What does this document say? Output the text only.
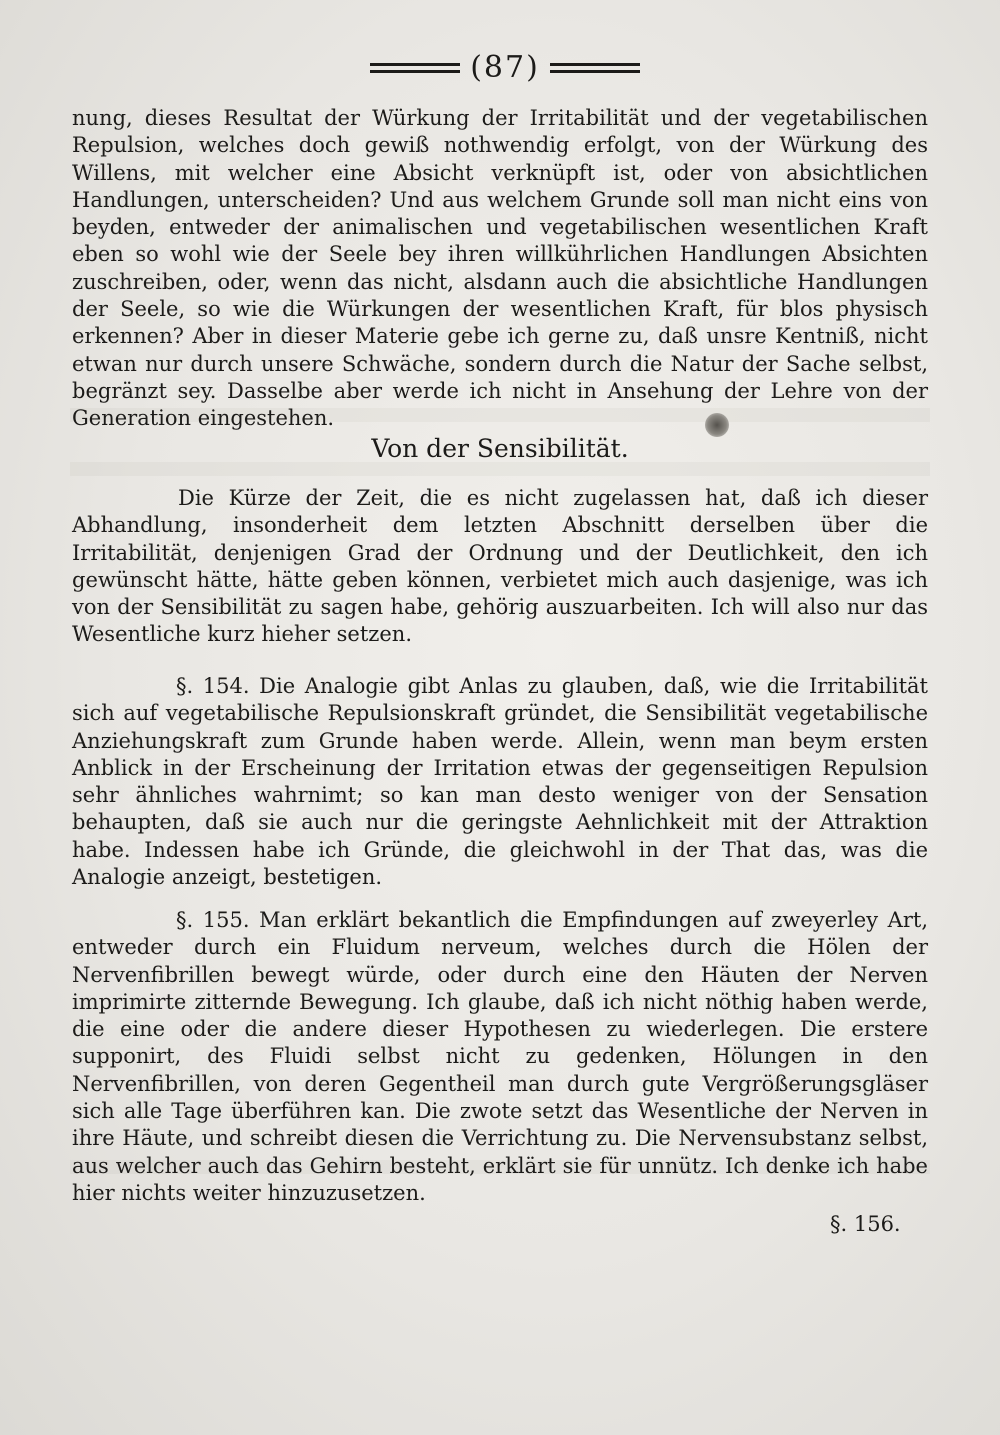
(87)

nung, dieses Resultat der Würkung der Irritabilität und der vegetabilischen Repulsion, welches doch gewiß nothwendig erfolgt, von der Würkung des Willens, mit welcher eine Absicht verknüpft ist, oder von absichtlichen Handlungen, unterscheiden? Und aus welchem Grunde soll man nicht eins von beyden, entweder der animalischen und vegetabilischen wesentlichen Kraft eben so wohl wie der Seele bey ihren willkührlichen Handlungen Absichten zuschreiben, oder, wenn das nicht, alsdann auch die absichtliche Handlungen der Seele, so wie die Würkungen der wesentlichen Kraft, für blos physisch erkennen? Aber in dieser Materie gebe ich gerne zu, daß unsre Kentniß, nicht etwan nur durch unsere Schwäche, sondern durch die Natur der Sache selbst, begränzt sey. Dasselbe aber werde ich nicht in Ansehung der Lehre von der Generation eingestehen.

Von der Sensibilität.

Die Kürze der Zeit, die es nicht zugelassen hat, daß ich dieser Abhandlung, insonderheit dem letzten Abschnitt derselben über die Irritabilität, denjenigen Grad der Ordnung und der Deutlichkeit, den ich gewünscht hätte, hätte geben können, verbietet mich auch dasjenige, was ich von der Sensibilität zu sagen habe, gehörig auszuarbeiten. Ich will also nur das Wesentliche kurz hieher setzen.

§. 154. Die Analogie gibt Anlas zu glauben, daß, wie die Irritabilität sich auf vegetabilische Repulsionskraft gründet, die Sensibilität vegetabilische Anziehungskraft zum Grunde haben werde. Allein, wenn man beym ersten Anblick in der Erscheinung der Irritation etwas der gegenseitigen Repulsion sehr ähnliches wahrnimt; so kan man desto weniger von der Sensation behaupten, daß sie auch nur die geringste Aehnlichkeit mit der Attraktion habe. Indessen habe ich Gründe, die gleichwohl in der That das, was die Analogie anzeigt, bestetigen.

§. 155. Man erklärt bekantlich die Empfindungen auf zweyerley Art, entweder durch ein Fluidum nerveum, welches durch die Hölen der Nervenfibrillen bewegt würde, oder durch eine den Häuten der Nerven imprimirte zitternde Bewegung. Ich glaube, daß ich nicht nöthig haben werde, die eine oder die andere dieser Hypothesen zu wiederlegen. Die erstere supponirt, des Fluidi selbst nicht zu gedenken, Hölungen in den Nervenfibrillen, von deren Gegentheil man durch gute Vergrößerungsgläser sich alle Tage überführen kan. Die zwote setzt das Wesentliche der Nerven in ihre Häute, und schreibt diesen die Verrichtung zu. Die Nervensubstanz selbst, aus welcher auch das Gehirn besteht, erklärt sie für unnütz. Ich denke ich habe hier nichts weiter hinzuzusetzen.

§. 156.
